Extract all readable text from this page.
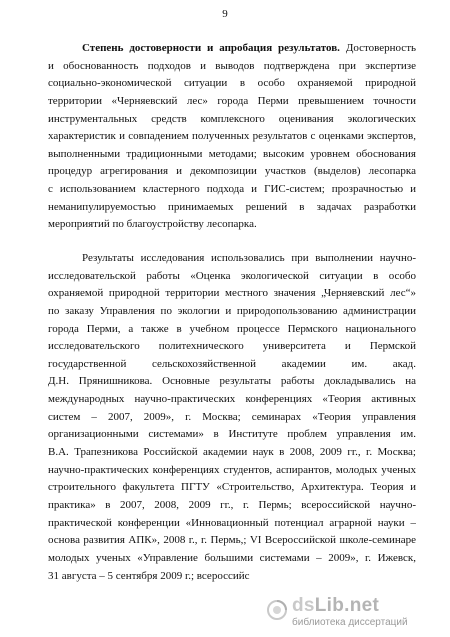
9
Степень достоверности и апробация результатов. Достоверность
и обоснованность подходов и выводов подтверждена при экспертизе
социально-экономической ситуации в особо охраняемой природной
территории «Черняевский лес» города Перми превышением точности
инструментальных средств комплексного оценивания экологических
характеристик и совпадением полученных результатов с оценками экспертов,
выполненными традиционными методами; высоким уровнем обоснования
процедур агрегирования и декомпозиции участков (выделов) лесопарка
с использованием кластерного подхода и ГИС-систем; прозрачностью и
неманипулируемостью принимаемых решений в задачах разработки
мероприятий по благоустройству лесопарка.
Результаты исследования использовались при выполнении научно-
исследовательской работы «Оценка экологической ситуации в особо
охраняемой природной территории местного значения „Черняевский лес“»
по заказу Управления по экологии и природопользованию администрации
города Перми, а также в учебном процессе Пермского национального
исследовательского политехнического университета и Пермской
государственной сельскохозяйственной академии им. акад.
Д.Н. Прянишникова. Основные результаты работы докладывались на
международных научно-практических конференциях «Теория активных
систем – 2007, 2009», г. Москва; семинарах «Теория управления
организационными системами» в Институте проблем управления им.
В.А. Трапезникова Российской академии наук в 2008, 2009 гг., г. Москва;
научно-практических конференциях студентов, аспирантов, молодых ученых
строительного факультета ПГТУ «Строительство, Архитектура. Теория и
практика» в 2007, 2008, 2009 гг., г. Пермь; всероссийской научно-
практической конференции «Инновационный потенциал аграрной науки –
основа развития АПК», 2008 г., г. Пермь,; VI Всероссийской школе-семинаре
молодых ученых «Управление большими системами – 2009», г. Ижевск,
31 августа – 5 сентября 2009 г.; всероссийс
dsLib.net
библиотека диссертаций
